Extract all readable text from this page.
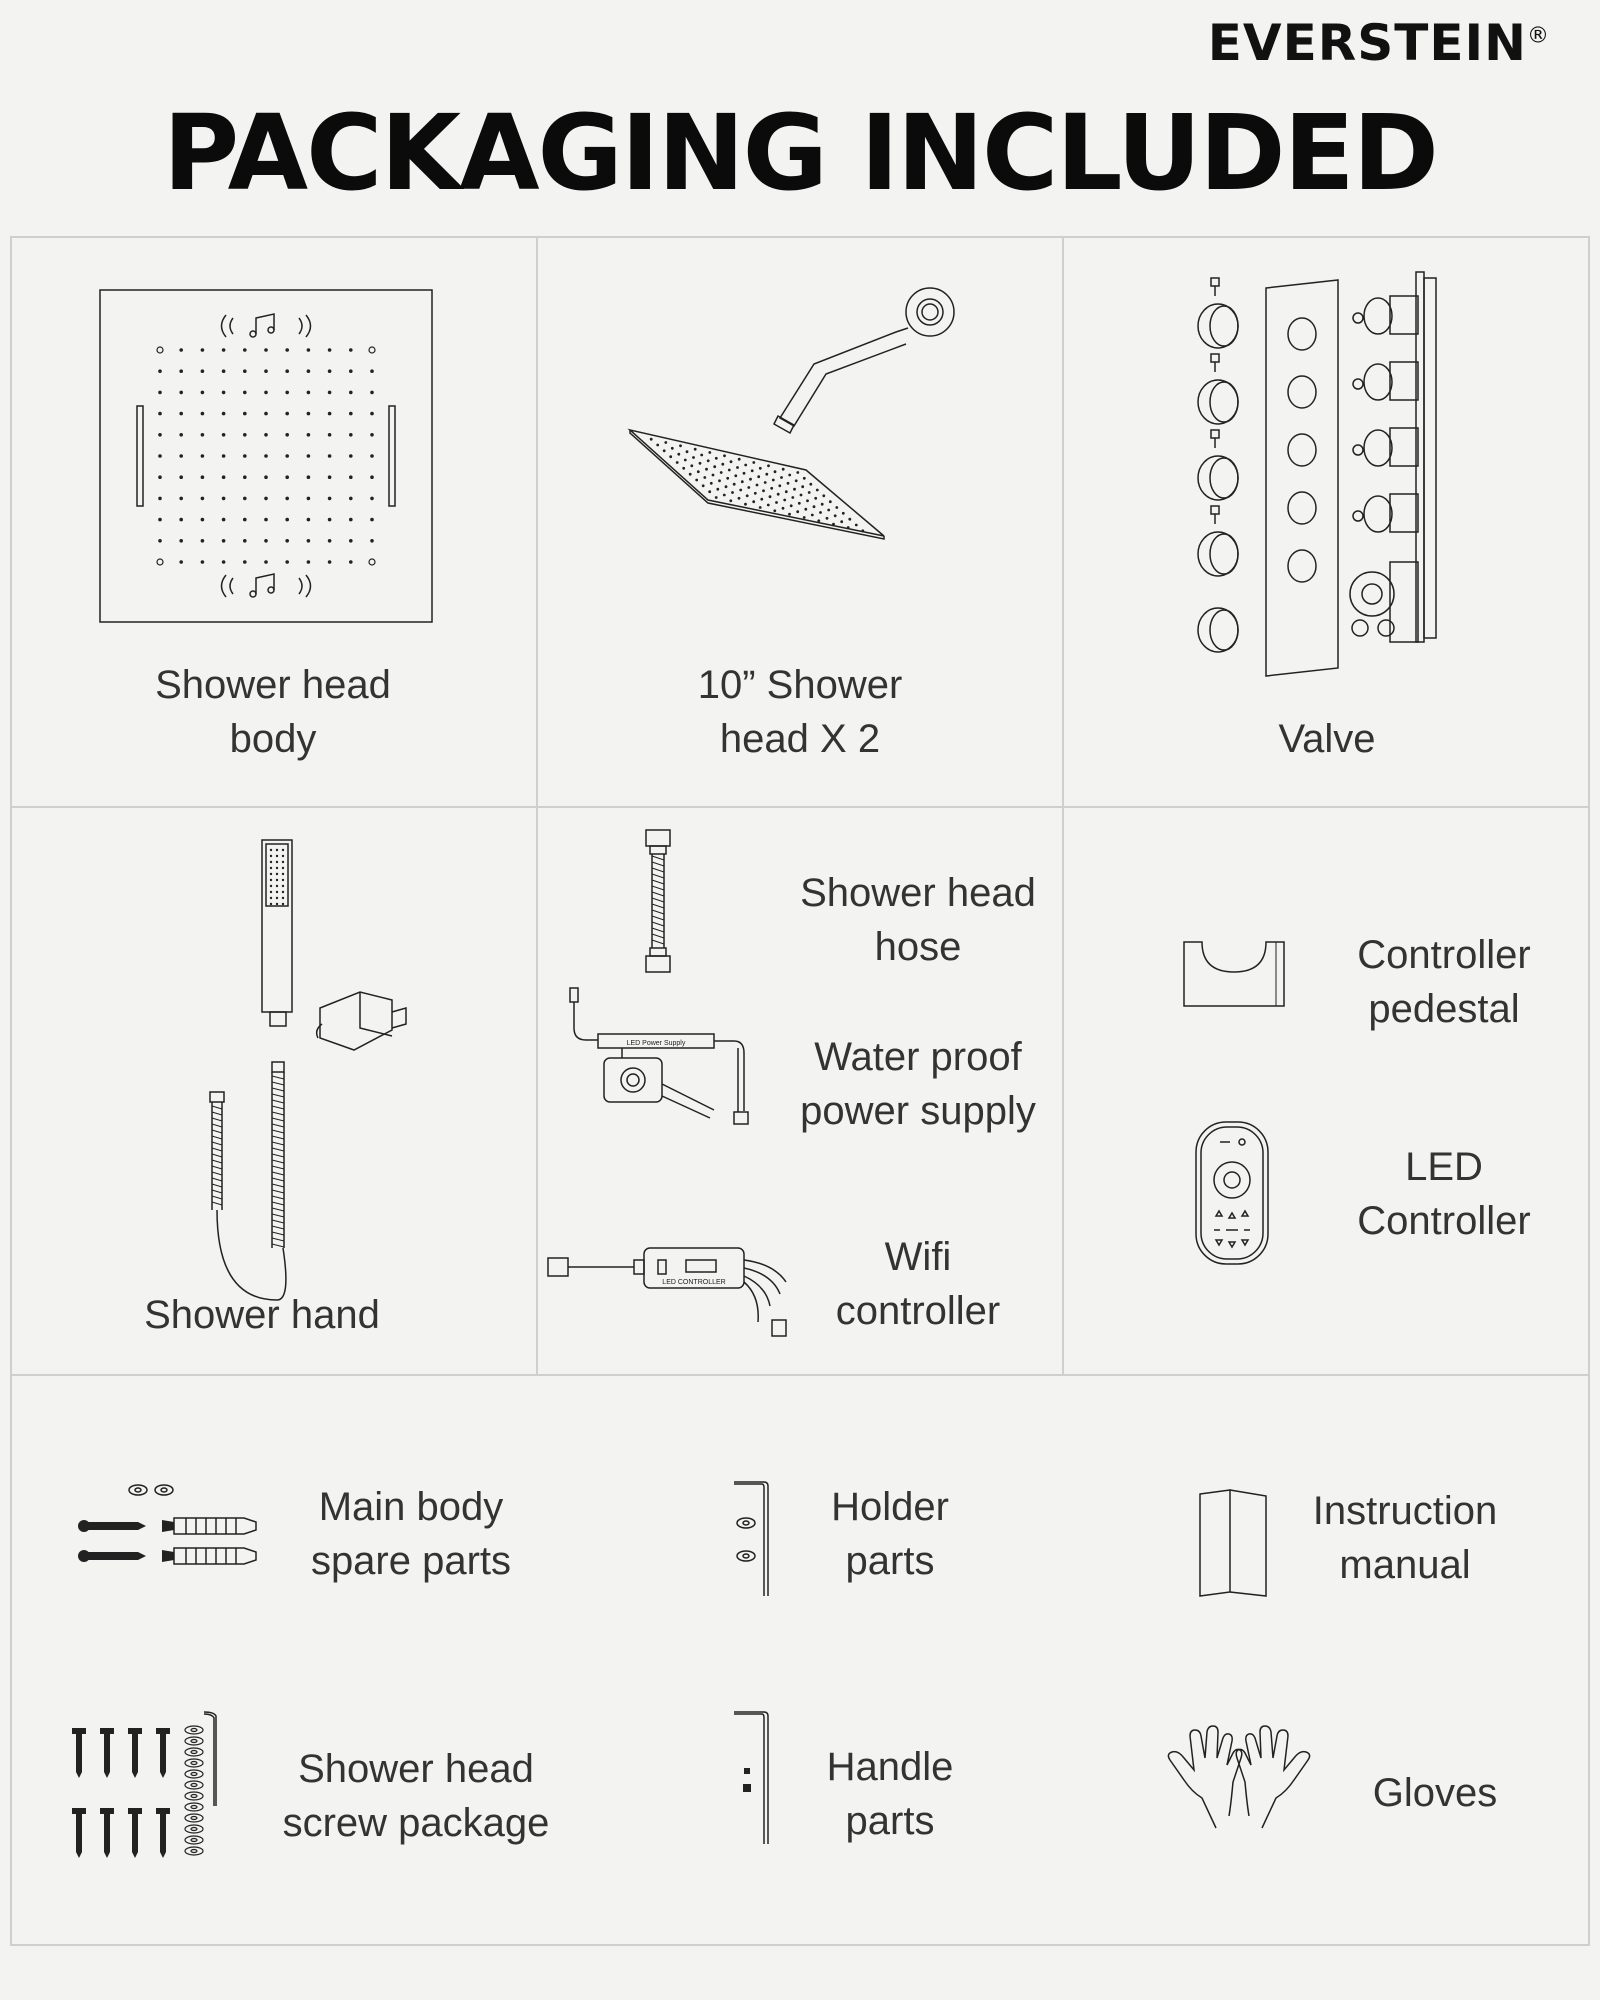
EVERSTEIN®
PACKAGING INCLUDED
Shower head
body
10” Shower
head X 2	Valve
Shower hand
Shower head
hose
LED Power Supply	Water proof
power supply
LED CONTROLLER
Wifi
controller
Controller
pedestal
LED
Controller
Main body
spare parts
Holder
parts
Instruction
manual
Shower head
screw package
Handle
parts
Gloves
